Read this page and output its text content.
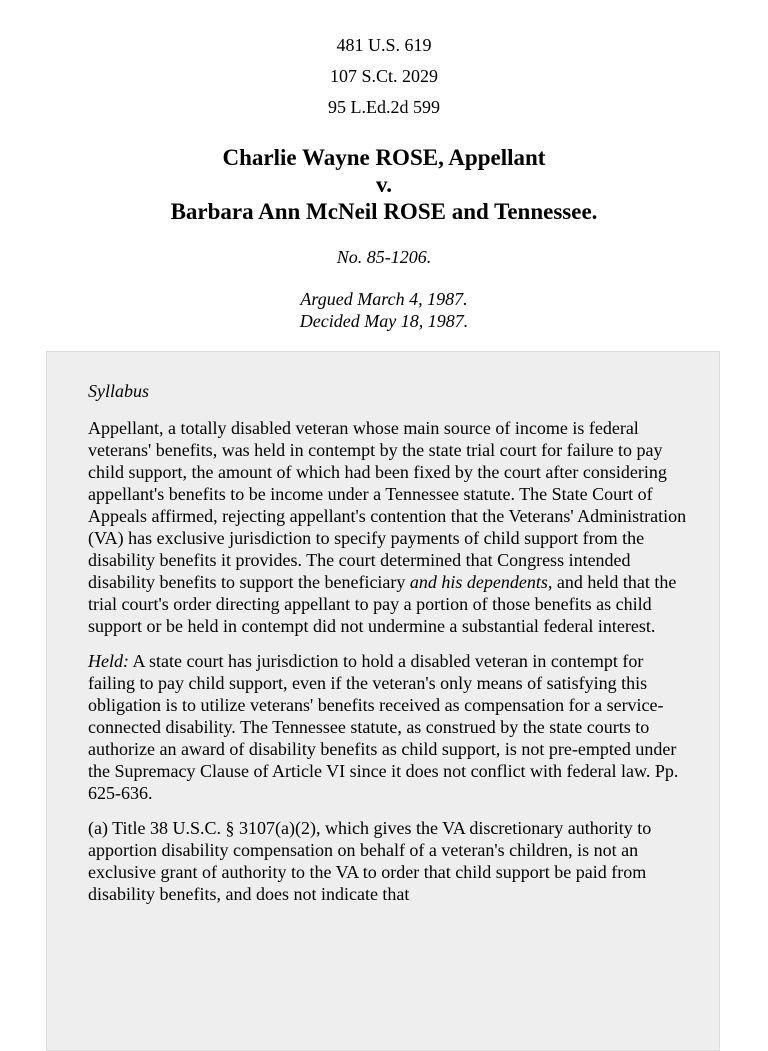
481 U.S. 619
107 S.Ct. 2029
95 L.Ed.2d 599
Charlie Wayne ROSE, Appellant
v.
Barbara Ann McNeil ROSE and Tennessee.
No. 85-1206.
Argued March 4, 1987.
Decided May 18, 1987.
Syllabus
Appellant, a totally disabled veteran whose main source of income is federal veterans' benefits, was held in contempt by the state trial court for failure to pay child support, the amount of which had been fixed by the court after considering appellant's benefits to be income under a Tennessee statute. The State Court of Appeals affirmed, rejecting appellant's contention that the Veterans' Administration (VA) has exclusive jurisdiction to specify payments of child support from the disability benefits it provides. The court determined that Congress intended disability benefits to support the beneficiary and his dependents, and held that the trial court's order directing appellant to pay a portion of those benefits as child support or be held in contempt did not undermine a substantial federal interest.
Held: A state court has jurisdiction to hold a disabled veteran in contempt for failing to pay child support, even if the veteran's only means of satisfying this obligation is to utilize veterans' benefits received as compensation for a service-connected disability. The Tennessee statute, as construed by the state courts to authorize an award of disability benefits as child support, is not pre-empted under the Supremacy Clause of Article VI since it does not conflict with federal law. Pp. 625-636.
(a) Title 38 U.S.C. § 3107(a)(2), which gives the VA discretionary authority to apportion disability compensation on behalf of a veteran's children, is not an exclusive grant of authority to the VA to order that child support be paid from disability benefits, and does not indicate that
